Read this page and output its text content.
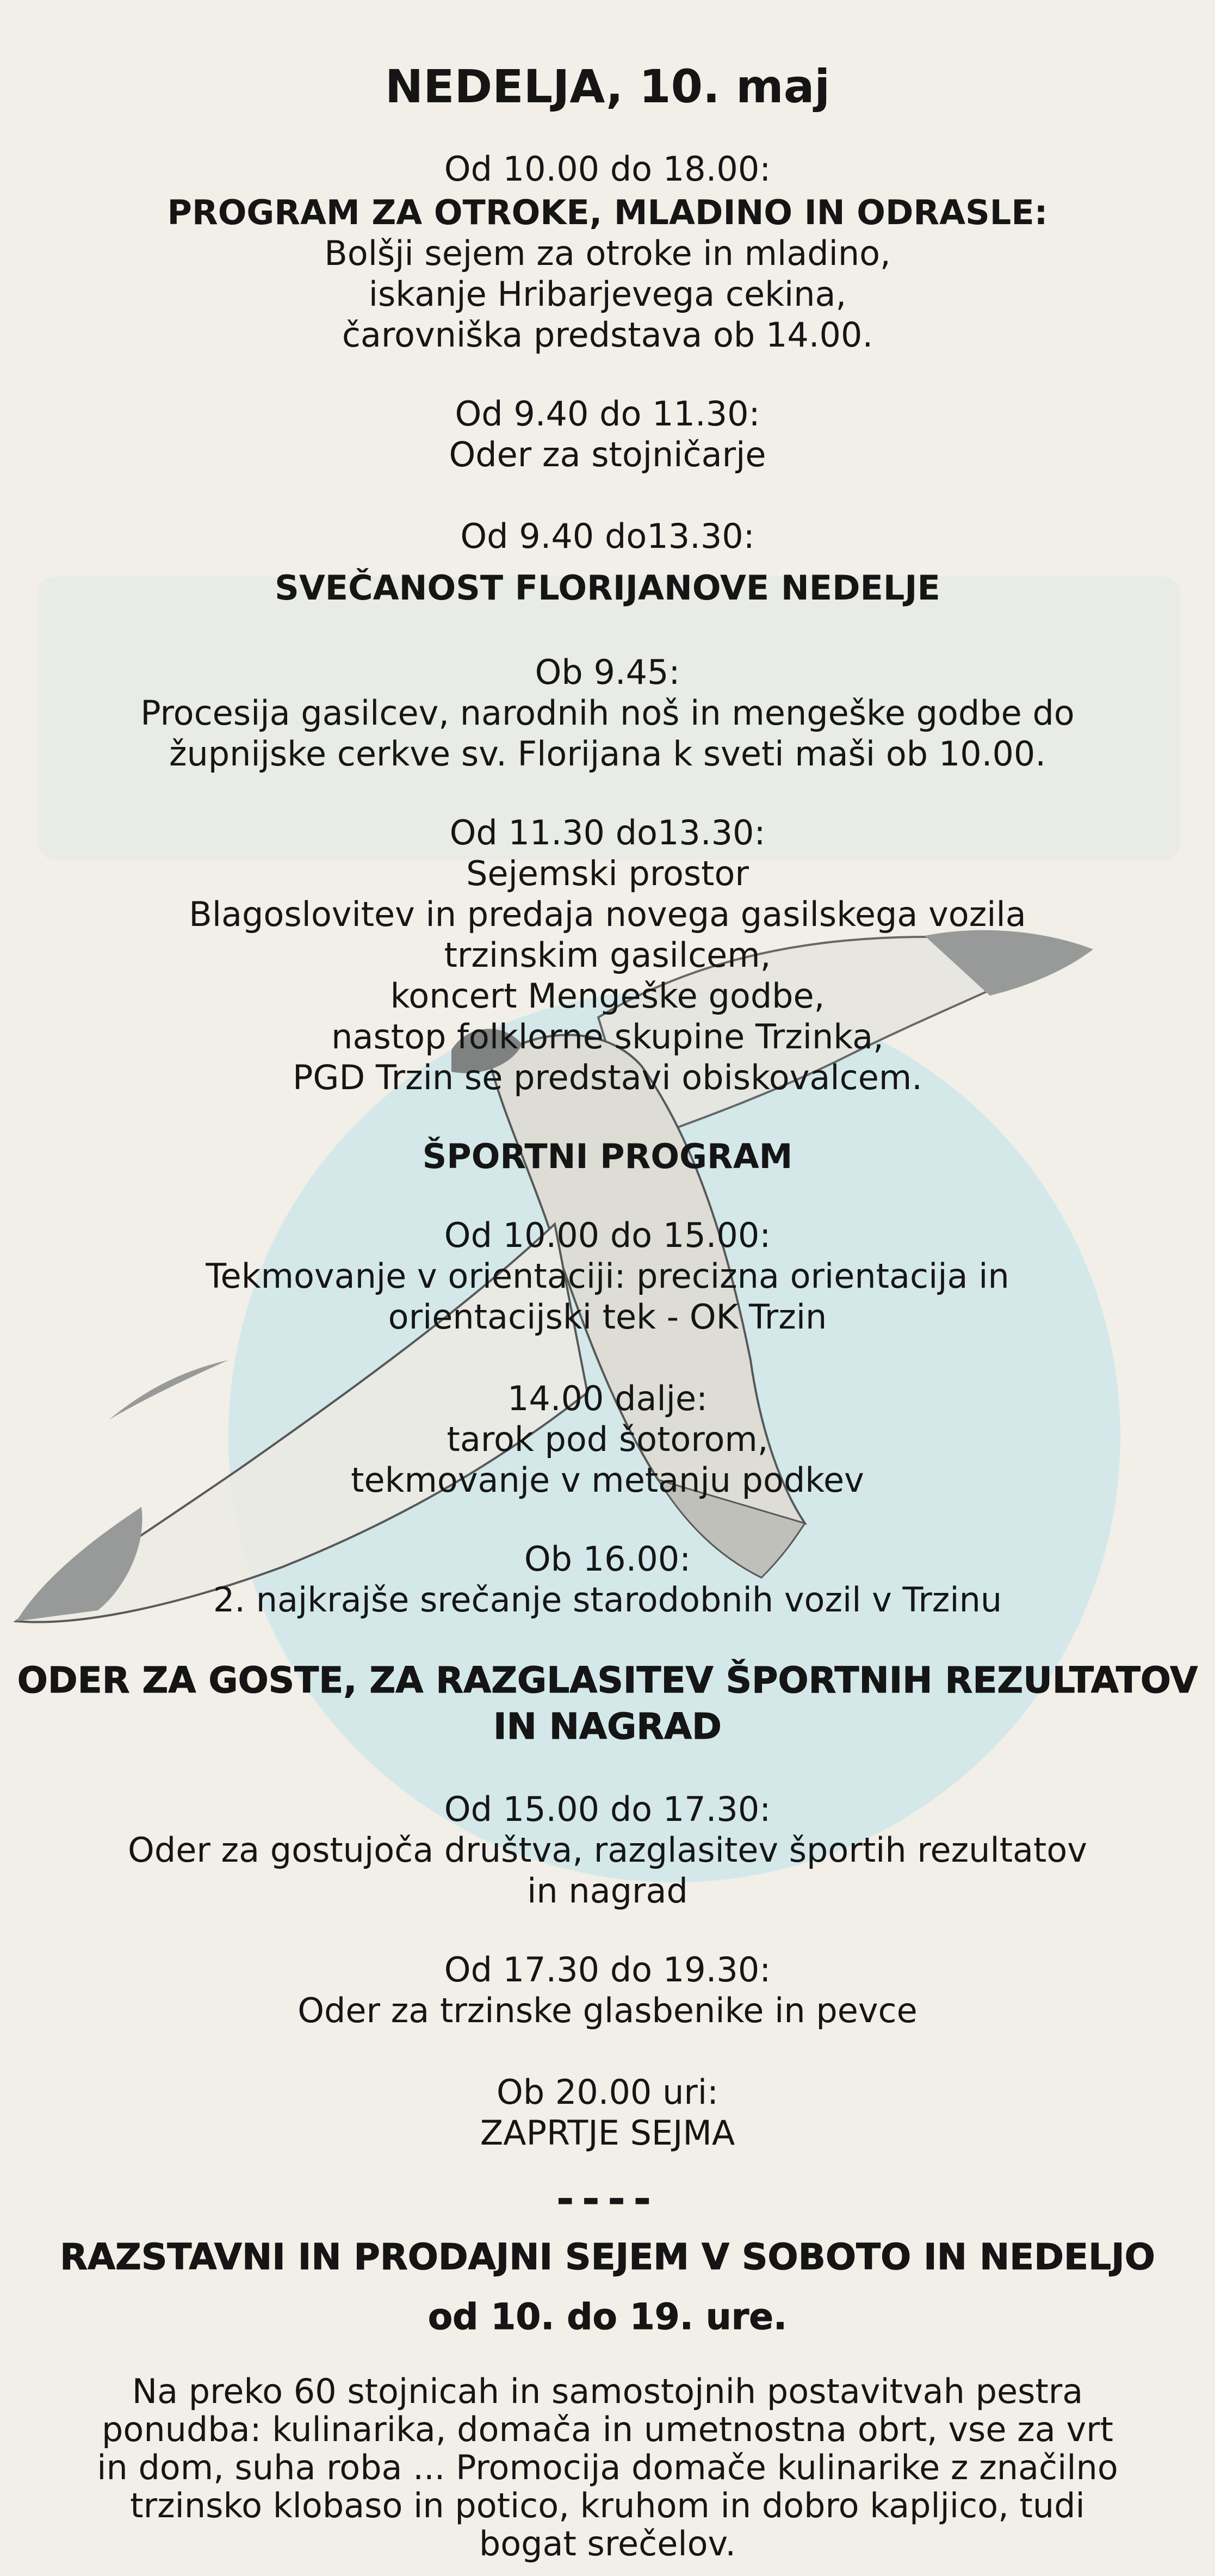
NEDELJA, 10. maj
Od 10.00 do 18.00:
PROGRAM ZA OTROKE, MLADINO IN ODRASLE:
Bolšji sejem za otroke in mladino,
iskanje Hribarjevega cekina,
čarovniška predstava ob 14.00.
Od 9.40 do 11.30:
Oder za stojničarje
Od 9.40 do13.30:
SVEČANOST FLORIJANOVE NEDELJE
Ob 9.45:
Procesija gasilcev, narodnih noš in mengeške godbe do
župnijske cerkve sv. Florijana k sveti maši ob 10.00.
Od 11.30 do13.30:
Sejemski prostor
Blagoslovitev in predaja novega gasilskega vozila
trzinskim gasilcem,
koncert Mengeške godbe,
nastop folklorne skupine Trzinka,
PGD Trzin se predstavi obiskovalcem.
ŠPORTNI PROGRAM
Od 10.00 do 15.00:
Tekmovanje v orientaciji: precizna orientacija in
orientacijski tek - OK Trzin
14.00 dalje:
tarok pod šotorom,
tekmovanje v metanju podkev
Ob 16.00:
2. najkrajše srečanje starodobnih vozil v Trzinu
ODER ZA GOSTE, ZA RAZGLASITEV ŠPORTNIH REZULTATOV
IN NAGRAD
Od 15.00 do 17.30:
Oder za gostujoča društva, razglasitev športih rezultatov
in nagrad
Od 17.30 do 19.30:
Oder za trzinske glasbenike in pevce
Ob 20.00 uri:
ZAPRTJE SEJMA
----
RAZSTAVNI IN PRODAJNI SEJEM V SOBOTO IN NEDELJO
od 10. do 19. ure.
Na preko 60 stojnicah in samostojnih postavitvah pestra
ponudba: kulinarika, domača in umetnostna obrt, vse za vrt
in dom, suha roba ... Promocija domače kulinarike z značilno
trzinsko klobaso in potico, kruhom in dobro kapljico, tudi
bogat srečelov.
